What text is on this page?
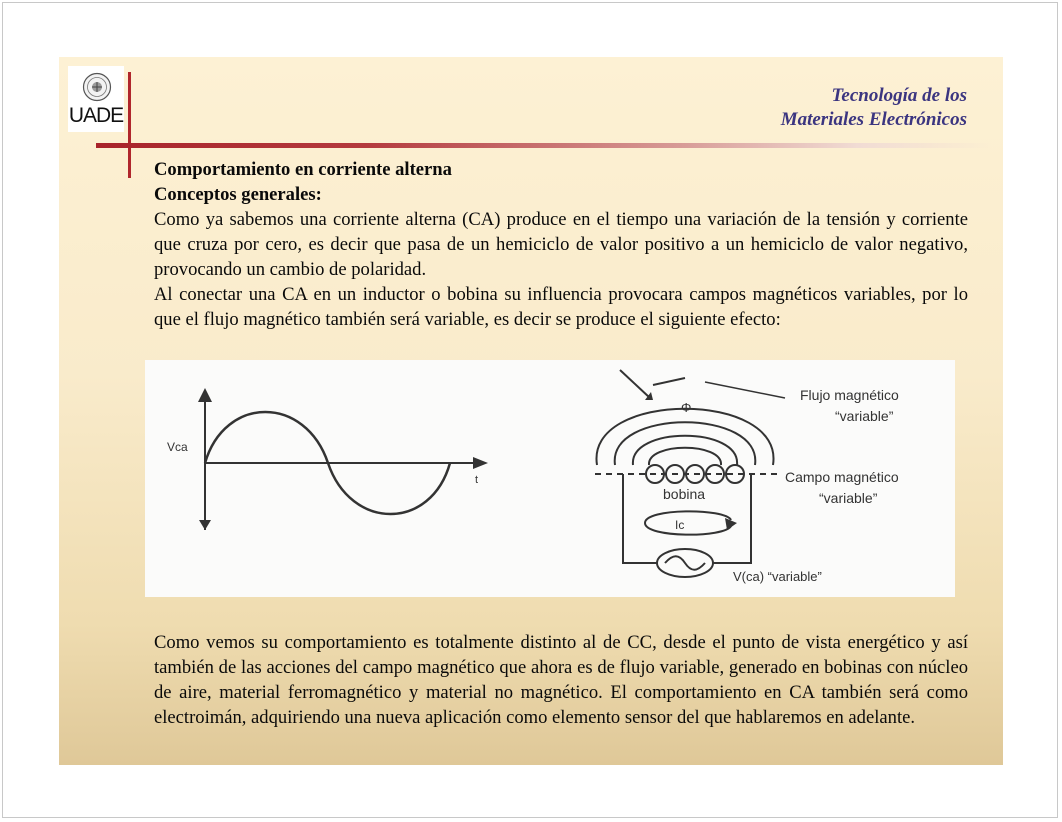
UADE
Tecnología de los
Materiales Electrónicos

Comportamiento en corriente alterna

Conceptos generales:

Como ya sabemos una corriente alterna (CA) produce en el tiempo una variación de la tensión y corriente que cruza por cero, es decir que pasa de un hemiciclo de valor positivo a un hemiciclo de valor negativo, provocando un cambio de polaridad.

Al conectar una CA en un inductor o bobina su influencia provocara campos magnéticos variables, por lo que el flujo magnético también será variable, es decir se produce el siguiente efecto:

Vca
t
Φ
bobina
Ic
V(ca) “variable”
Flujo magnético
“variable”
Campo magnético
“variable”

Como vemos su comportamiento es totalmente distinto al de CC, desde el punto de vista energético y así también de las acciones del campo magnético que ahora es de flujo variable, generado en bobinas con núcleo de aire, material ferromagnético y material no magnético. El comportamiento en CA también será como electroimán, adquiriendo una nueva aplicación como elemento sensor del que hablaremos en adelante.
